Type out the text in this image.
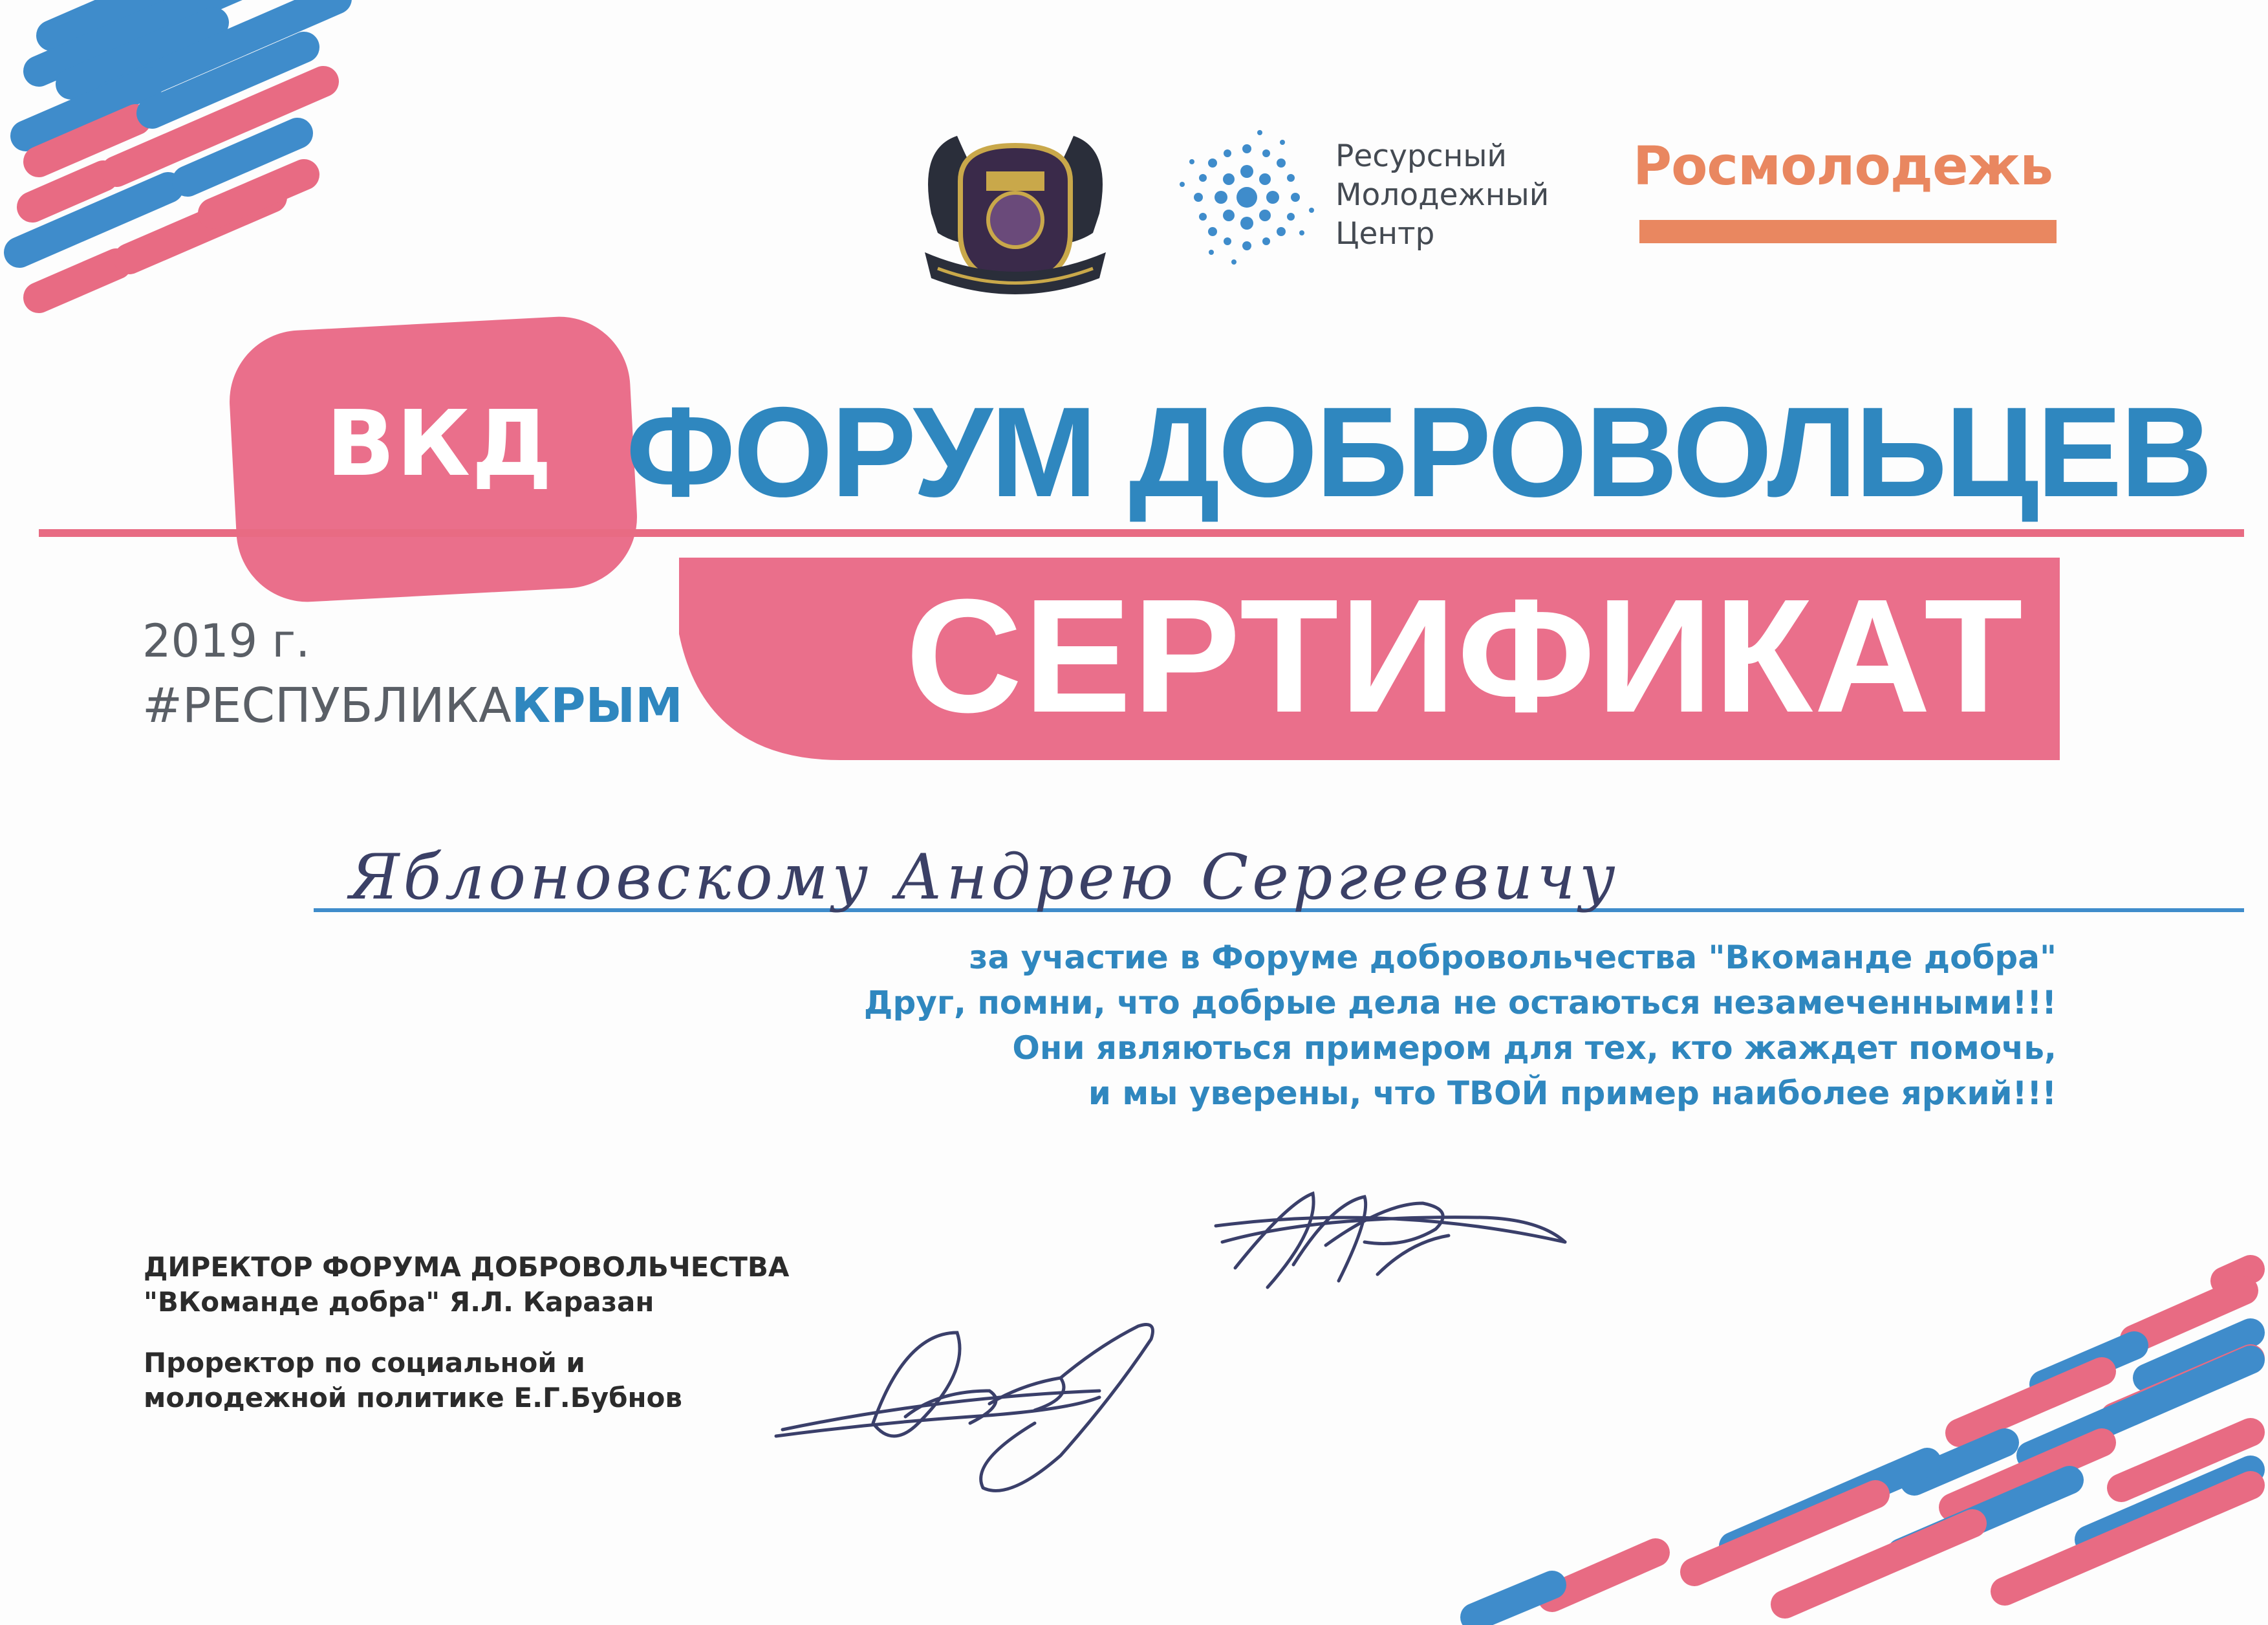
Ресурсный
Молодежный
Центр
Росмолодежь
ВКД ФОРУМ ДОБРОВОЛЬЦЕВ
СЕРТИФИКАТ
2019 г.
#РЕСПУБЛИКАКРЫМ
Яблоновскому Андрею Сергеевичу
за участие в Форуме добровольчества "Вкоманде добра"
Друг, помни, что добрые дела не остаються незамеченными!!!
Они являються примером для тех, кто жаждет помочь,
и мы уверены, что ТВОЙ пример наиболее яркий!!!
ДИРЕКТОР ФОРУМА ДОБРОВОЛЬЧЕСТВА
"ВКоманде добра" Я.Л. Каразан
Проректор по социальной и
молодежной политике Е.Г.Бубнов
